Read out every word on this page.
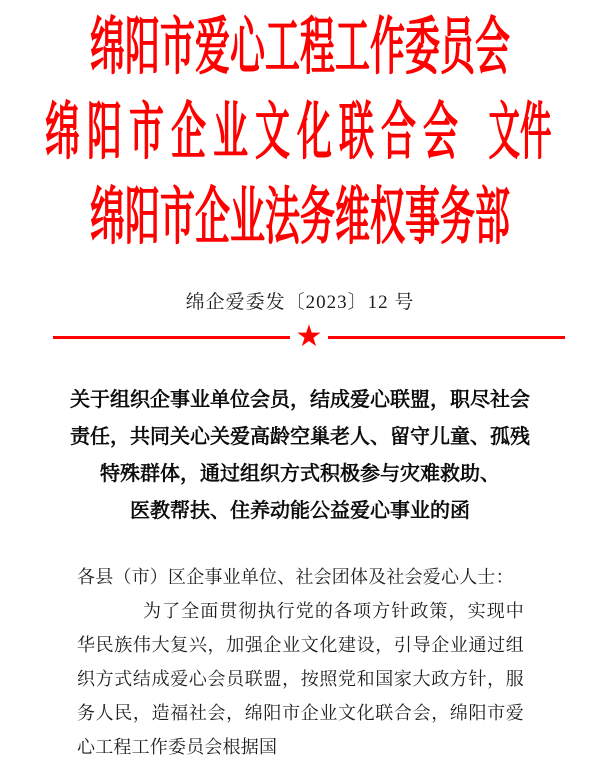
绵阳市爱心工程工作委员会
绵阳市企业文化联合会 文件
绵阳市企业法务维权事务部
绵企爱委发〔2023〕12 号
★
关于组织企事业单位会员，结成爱心联盟，职尽社会
责任，共同关心关爱高龄空巢老人、留守儿童、孤残
特殊群体，通过组织方式积极参与灾难救助、
医教帮扶、住养动能公益爱心事业的函
各县（市）区企事业单位、社会团体及社会爱心人士：

为了全面贯彻执行党的各项方针政策，实现中华民族伟大复兴，加强企业文化建设，引导企业通过组织方式结成爱心会员联盟，按照党和国家大政方针，服务人民，造福社会，绵阳市企业文化联合会，绵阳市爱心工程工作委员会根据国
